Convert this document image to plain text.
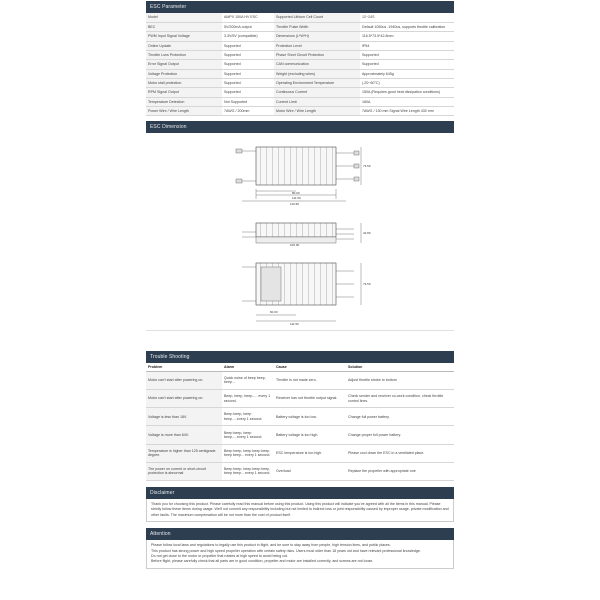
ESC Parameter
Model	AMPX 150A HV ESC	Supported Lithium Cell Count	12~24S
BEC	5V/200mA output	Throttle Pulse Width	Default 1050us -1940us, supports throttle calibration
PWM Input Signal Voltage	3.3V/5V (compatible)	Dimensions (L*W*H)	116.5*73.5*42.8mm
Online Update	Supported	Protection Level	IP54
Throttle Loss Protection	Supported	Phase Short Circuit Protection	Supported
Error Signal Output	Supported	CAN communication	Supported
Voltage Protection	Supported	Weight (excluding wires)	Approximately 645g
Motor stall protection	Supported	Operating Environment Temperature	(-20~60°C)
RPM Signal Output	Supported	Continuous Current	150A (Requires good heat dissipation conditions)
Temperature Detection	Not Supported	Current Limit	180A
Power Wire / Wire Length	7AWG / 200mm	Motor Wire / Wire Length	7AWG / 130 mm Signal Wire Length 430 mm
ESC Dimension
80.00
111.50
116.50
73.50
100.00
42.80
60.00
111.50
73.50
Trouble Shooting
Problem	Alarm	Cause	Solution
Motor can't start after powering on.	Quick noise of beep beep, beep...	Throttle is not made zero.	Adjust throttle stroke to bottom
Motor can't start after powering on.	Beep, beep, beep..... every 1 second.	Receiver has not throttle output signal.	Check sender and receiver co-work condition, check throttle control lines.
Voltage is less than 18V.	Beep beep, beep beep.....every 1 second.	Battery voltage is too low.	Change full power battery.
Voltage is more than 64V.	Beep beep, beep beep.....every 1 second.	Battery voltage is too high.	Change proper full power battery.
Temperature is higher than 125 centigrade degree.	Beep beep, beep beep beep beep beep... every 1 second.	ESC temperature is too high.	Please cool down the ESC in a ventilated place.
The power on current or short-circuit protection is abnormal	Beep beep, beep beep beep beep beep... every 1 second.	Overload	Replace the propeller with appropriate one
Disclaimer

Thank you for choosing this product. Please carefully read this manual before using this product. Using this product will indicate you've agreed with all the items in this manual. Please strictly follow these items during usage. We'll not commit any responsibility including but not limited to indirect loss or joint responsibility caused by improper usage, private modification and other faults. The maximum compensation will be not more than the cost of product itself.

Attention

Please follow local laws and regulations to legally use this product in flight, and be sure to stay away from people, high tension lines, and public places.

This product has strong power and high speed propeller operation with certain safety risks. Users must older than 18 years old and have relevant professional knowledge.

Do not get close to the motor or propeller that rotates at high speed to avoid being cut.

Before flight, please carefully check that all parts are in good condition, propeller and motor are installed correctly, and screws are not loose.
